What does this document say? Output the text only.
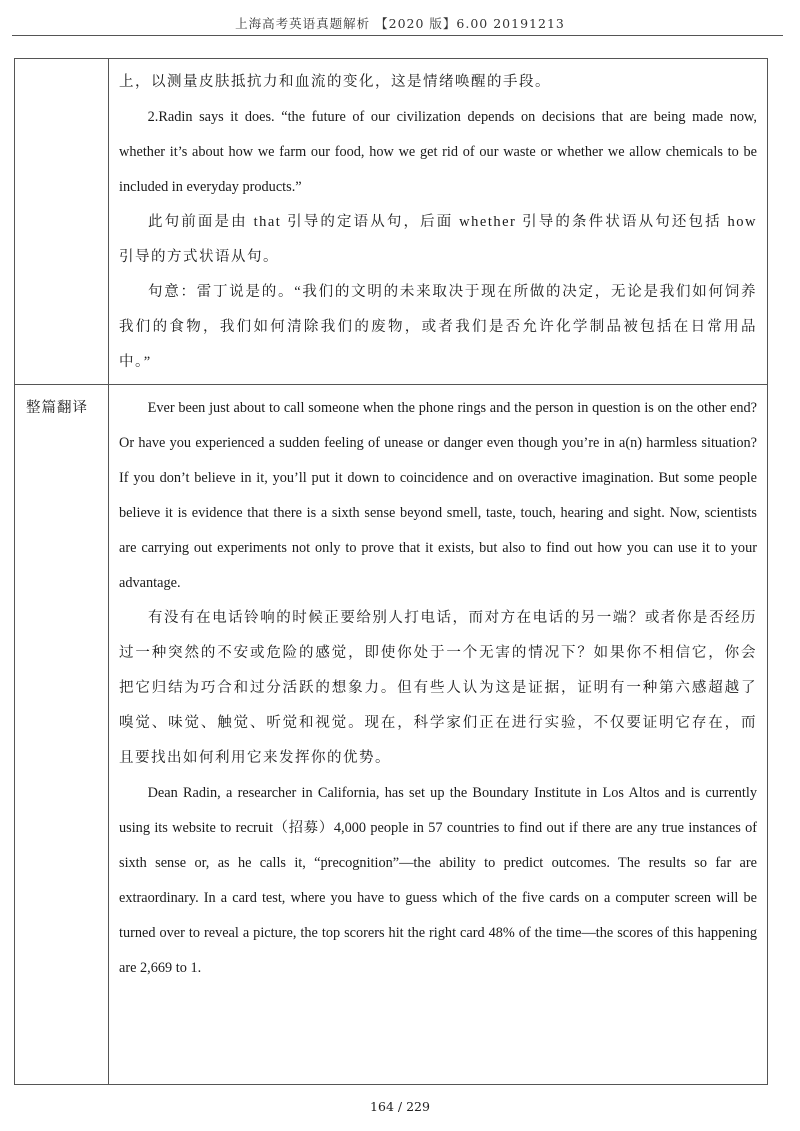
上海高考英语真题解析 【2020 版】6.00 20191213

	上，以测量皮肤抵抗力和血流的变化，这是情绪唤醒的手段。

2.Radin says it does. “the future of our civilization depends on decisions that are being made now, whether it’s about how we farm our food, how we get rid of our waste or whether we allow chemicals to be included in everyday products.”

此句前面是由 that 引导的定语从句，后面 whether 引导的条件状语从句还包括 how 引导的方式状语从句。

句意：雷丁说是的。“我们的文明的未来取决于现在所做的决定，无论是我们如何饲养我们的食物，我们如何清除我们的废物，或者我们是否允许化学制品被包括在日常用品中。”

整篇翻译	Ever been just about to call someone when the phone rings and the person in question is on the other end? Or have you experienced a sudden feeling of unease or danger even though you’re in a(n) harmless situation? If you don’t believe in it, you’ll put it down to coincidence and on overactive imagination. But some people believe it is evidence that there is a sixth sense beyond smell, taste, touch, hearing and sight. Now, scientists are carrying out experiments not only to prove that it exists, but also to find out how you can use it to your advantage.

有没有在电话铃响的时候正要给别人打电话，而对方在电话的另一端？或者你是否经历过一种突然的不安或危险的感觉，即使你处于一个无害的情况下？如果你不相信它，你会把它归结为巧合和过分活跃的想象力。但有些人认为这是证据，证明有一种第六感超越了嗅觉、味觉、触觉、听觉和视觉。现在，科学家们正在进行实验，不仅要证明它存在，而且要找出如何利用它来发挥你的优势。

Dean Radin, a researcher in California, has set up the Boundary Institute in Los Altos and is currently using its website to recruit（招募）4,000 people in 57 countries to find out if there are any true instances of sixth sense or, as he calls it, “precognition”—the ability to predict outcomes. The results so far are extraordinary. In a card test, where you have to guess which of the five cards on a computer screen will be turned over to reveal a picture, the top scorers hit the right card 48% of the time—the scores of this happening are 2,669 to 1.

164 / 229
